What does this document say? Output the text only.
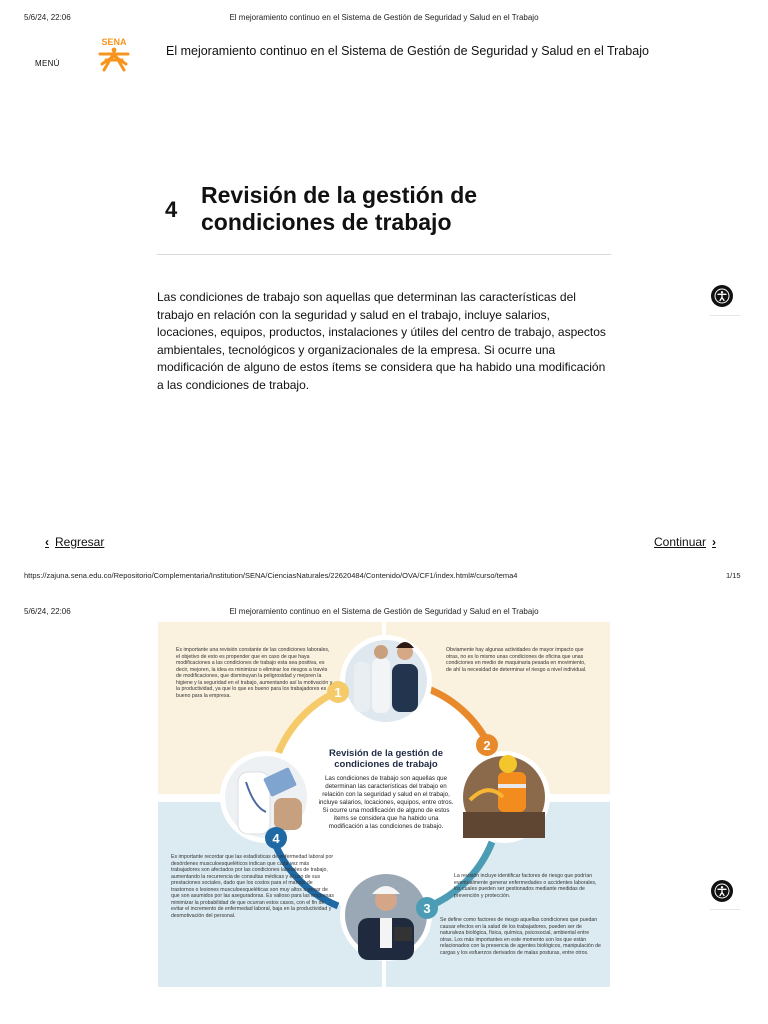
5/6/24, 22:06	El mejoramiento continuo en el Sistema de Gestión de Seguridad y Salud en el Trabajo
MENÚ
SENA
El mejoramiento continuo en el Sistema de Gestión de Seguridad y Salud en el Trabajo
4
Revisión de la gestión de condiciones de trabajo
Las condiciones de trabajo son aquellas que determinan las características del trabajo en relación con la seguridad y salud en el trabajo, incluye salarios, locaciones, equipos, productos, instalaciones y útiles del centro de trabajo, aspectos ambientales, tecnológicos y organizacionales de la empresa. Si ocurre una modificación de alguno de estos ítems se considera que ha habido una modificación a las condiciones de trabajo.
‹ Regresar	Continuar ›
https://zajuna.sena.edu.co/Repositorio/Complementaria/Institution/SENA/CienciasNaturales/22620484/Contenido/OVA/CF1/index.html#/curso/tema4	1/15
5/6/24, 22:06	El mejoramiento continuo en el Sistema de Gestión de Seguridad y Salud en el Trabajo
1
2
3
4
Es importante una revisión constante de las condiciones laborales, el objetivo de esto es propender que en caso de que haya modificaciones a las condiciones de trabajo esta sea positiva, es decir, mejoren, la idea es minimizar o eliminar los riesgos a través de modificaciones, que disminuyan la peligrosidad y mejoren la higiene y la seguridad en el trabajo, aumentando así la motivación y la productividad, ya que lo que es bueno para los trabajadores es bueno para la empresa.
Obviamente hay algunas actividades de mayor impacto que otras, no es lo mismo unas condiciones de oficina que unas condiciones en medio de maquinaria pesada en movimiento, de ahí la necesidad de determinar el riesgo a nivel individual.
Revisión de la gestión de condiciones de trabajo
Las condiciones de trabajo son aquellas que determinan las características del trabajo en relación con la seguridad y salud en el trabajo, incluye salarios, locaciones, equipos, entre otros. Si ocurre una modificación de alguno de estos ítems se considera que ha habido una modificación a las condiciones de trabajo.
La revisión incluye identificar factores de riesgo que podrían eventualmente generar enfermedades o accidentes laborales, los cuales pueden ser gestionados mediante medidas de prevención y protección.
Se define como factores de riesgo aquellas condiciones que puedan causar efectos en la salud de los trabajadores, pueden ser de naturaleza biológica, física, química, psicosocial, ambiental entre otras. Los más importantes en este momento son los que están relacionados con la presencia de agentes biológicos, manipulación de cargas y los esfuerzos derivados de malas posturas, entre otros.
Es importante recordar que las estadísticas de enfermedad laboral por desórdenes musculoesqueléticos indican que cada vez más trabajadores son afectados por las condiciones laborales de trabajo, aumentando la recurrencia de consultas médicas y el uso de sus prestaciones sociales, dado que los costos para el manejo de trastornos o lesiones musculoesqueléticas son muy altos a pesar de que son asumidos por las aseguradoras. Es valioso para las empresas minimizar la probabilidad de que ocurran estos casos, con el fin de evitar el incremento de enfermedad laboral, baja en la productividad y desmotivación del personal.
